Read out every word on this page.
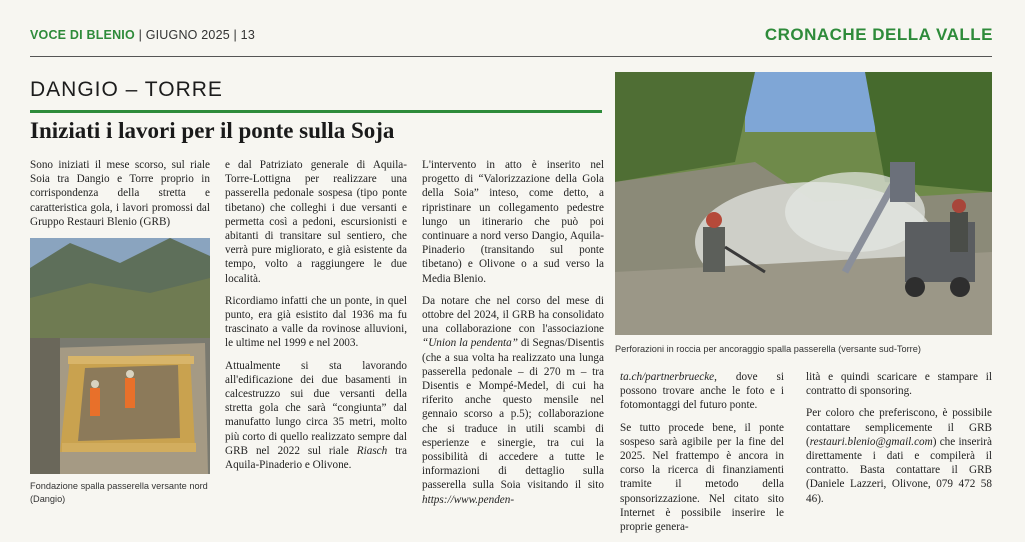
VOCE DI BLENIO | GIUGNO 2025 | 13	CRONACHE DELLA VALLE
DANGIO – TORRE
Iniziati i lavori per il ponte sulla Soja

Sono iniziati il mese scorso, sul riale Soia tra Dangio e Torre proprio in corrispondenza della stretta e caratteristica gola, i lavori promossi dal Gruppo Restauri Blenio (GRB)

Fondazione spalla passerella versante nord (Dangio)

e dal Patriziato generale di Aquila-Torre-Lottigna per realizzare una passerella pedonale sospesa (tipo ponte tibetano) che colleghi i due versanti e permetta così a pedoni, escursionisti e abitanti di transitare sul sentiero, che verrà pure migliorato, e già esistente da tempo, volto a raggiungere le due località.

Ricordiamo infatti che un ponte, in quel punto, era già esistito dal 1936 ma fu trascinato a valle da rovinose alluvioni, le ultime nel 1999 e nel 2003.

Attualmente si sta lavorando all'edificazione dei due basamenti in calcestruzzo sui due versanti della stretta gola che sarà “congiunta” dal manufatto lungo circa 35 metri, molto più corto di quello realizzato sempre dal GRB nel 2022 sul riale Riasch tra Aquila-Pinaderio e Olivone.

L'intervento in atto è inserito nel progetto di “Valorizzazione della Gola della Soia” inteso, come detto, a ripristinare un collegamento pedestre lungo un itinerario che può poi continuare a nord verso Dangio, Aquila-Pinaderio (transitando sul ponte tibetano) e Olivone o a sud verso la Media Blenio.

Da notare che nel corso del mese di ottobre del 2024, il GRB ha consolidato una collaborazione con l'associazione “Union la pendenta” di Segnas/Disentis (che a sua volta ha realizzato una lunga passerella pedonale – di 270 m – tra Disentis e Mompé-Medel, di cui ha riferito anche questo mensile nel gennaio scorso a p.5); collaborazione che si traduce in utili scambi di esperienze e sinergie, tra cui la possibilità di accedere a tutte le informazioni di dettaglio sulla passerella sulla Soia visitando il sito https://www.penden-

Perforazioni in roccia per ancoraggio spalla passerella (versante sud-Torre)

ta.ch/partnerbruecke, dove si possono trovare anche le foto e i fotomontaggi del futuro ponte.

Se tutto procede bene, il ponte sospeso sarà agibile per la fine del 2025. Nel frattempo è ancora in corso la ricerca di finanziamenti tramite il metodo della sponsorizzazione. Nel citato sito Internet è possibile inserire le proprie genera-

lità e quindi scaricare e stampare il contratto di sponsoring.

Per coloro che preferiscono, è possibile contattare semplicemente il GRB (restauri.blenio@gmail.com) che inserirà direttamente i dati e compilerà il contratto. Basta contattare il GRB (Daniele Lazzeri, Olivone, 079 472 58 46).
